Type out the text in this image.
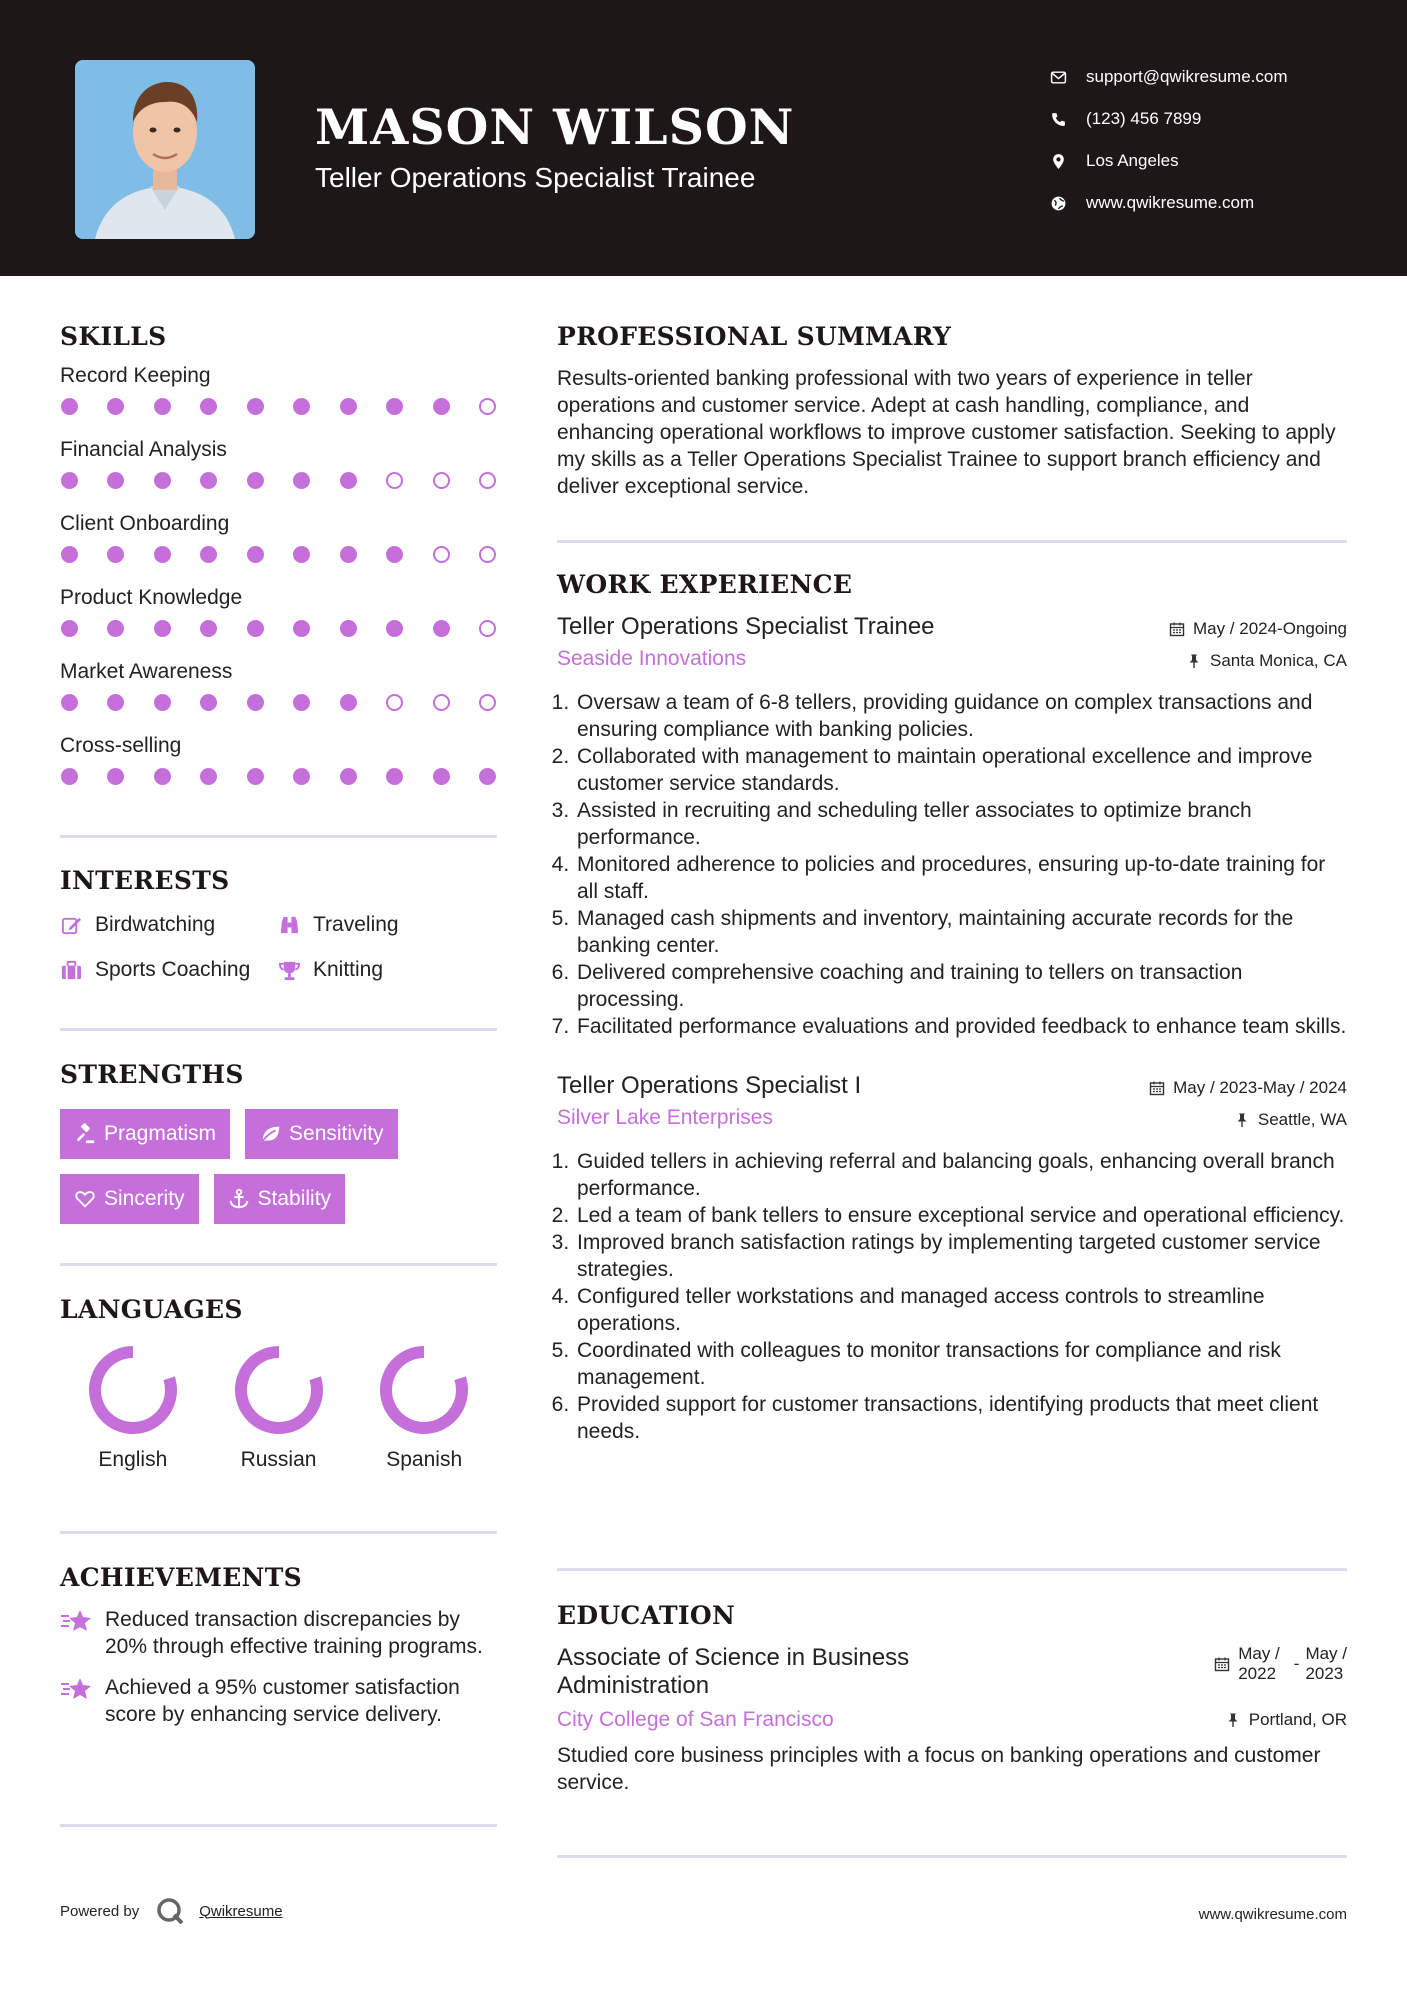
MASON WILSON
Teller Operations Specialist Trainee
support@qwikresume.com
(123) 456 7899
Los Angeles
www.qwikresume.com
SKILLS
Record Keeping
Financial Analysis
Client Onboarding
Product Knowledge
Market Awareness
Cross-selling
INTERESTS
Birdwatching	Traveling
Sports Coaching	Knitting
STRENGTHS
Pragmatism	Sensitivity
Sincerity	Stability
LANGUAGES
English	Russian	Spanish
ACHIEVEMENTS
Reduced transaction discrepancies by 20% through effective training programs.
Achieved a 95% customer satisfaction score by enhancing service delivery.
PROFESSIONAL SUMMARY
Results-oriented banking professional with two years of experience in teller operations and customer service. Adept at cash handling, compliance, and enhancing operational workflows to improve customer satisfaction. Seeking to apply my skills as a Teller Operations Specialist Trainee to support branch efficiency and deliver exceptional service.
WORK EXPERIENCE
Teller Operations Specialist Trainee
Seaside Innovations
May / 2024-Ongoing
Santa Monica, CA
1. Oversaw a team of 6-8 tellers, providing guidance on complex transactions and ensuring compliance with banking policies.
2. Collaborated with management to maintain operational excellence and improve customer service standards.
3. Assisted in recruiting and scheduling teller associates to optimize branch performance.
4. Monitored adherence to policies and procedures, ensuring up-to-date training for all staff.
5. Managed cash shipments and inventory, maintaining accurate records for the banking center.
6. Delivered comprehensive coaching and training to tellers on transaction processing.
7. Facilitated performance evaluations and provided feedback to enhance team skills.
Teller Operations Specialist I
Silver Lake Enterprises
May / 2023-May / 2024
Seattle, WA
1. Guided tellers in achieving referral and balancing goals, enhancing overall branch performance.
2. Led a team of bank tellers to ensure exceptional service and operational efficiency.
3. Improved branch satisfaction ratings by implementing targeted customer service strategies.
4. Configured teller workstations and managed access controls to streamline operations.
5. Coordinated with colleagues to monitor transactions for compliance and risk management.
6. Provided support for customer transactions, identifying products that meet client needs.
EDUCATION
Associate of Science in Business
Administration
May /
2022
-
May /
2023
City College of San Francisco	Portland, OR
Studied core business principles with a focus on banking operations and customer service.
Powered by	Qwikresume	www.qwikresume.com
